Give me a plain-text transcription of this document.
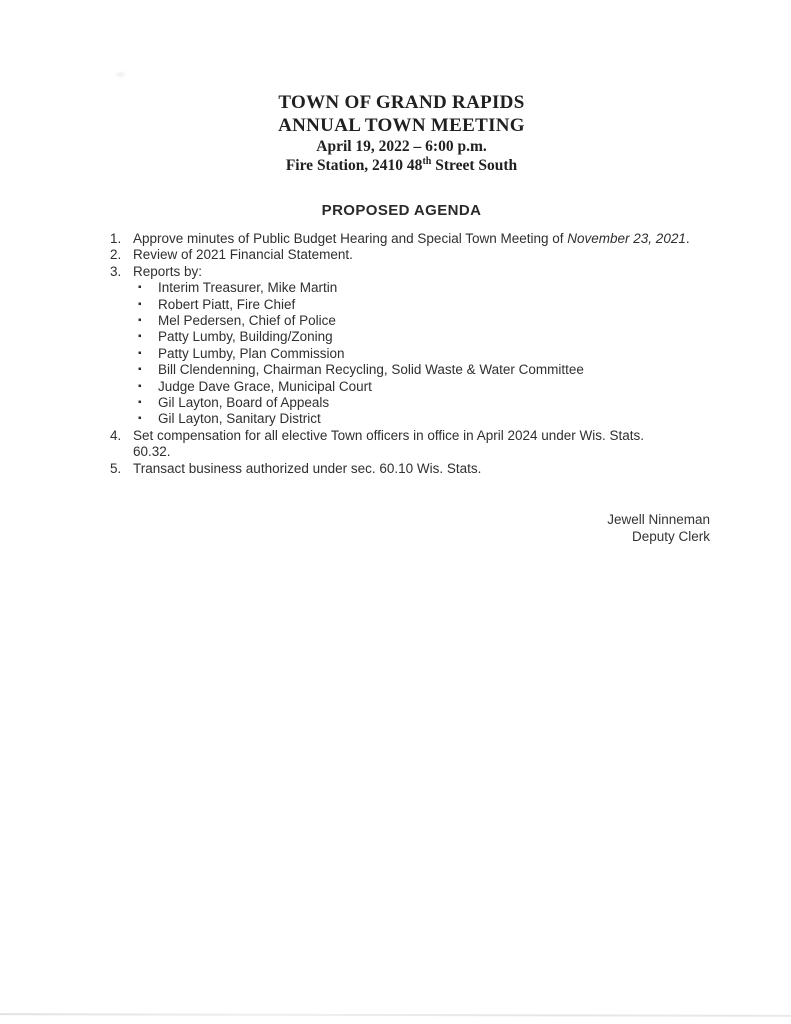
TOWN OF GRAND RAPIDS
ANNUAL TOWN MEETING
April 19, 2022 – 6:00 p.m.
Fire Station, 2410 48th Street South
PROPOSED AGENDA
1. Approve minutes of Public Budget Hearing and Special Town Meeting of November 23, 2021.
2. Review of 2021 Financial Statement.
3. Reports by:
▪	Interim Treasurer, Mike Martin
▪	Robert Piatt, Fire Chief
▪	Mel Pedersen, Chief of Police
▪	Patty Lumby, Building/Zoning
▪	Patty Lumby, Plan Commission
▪	Bill Clendenning, Chairman Recycling, Solid Waste & Water Committee
▪	Judge Dave Grace, Municipal Court
▪	Gil Layton, Board of Appeals
▪	Gil Layton, Sanitary District
4. Set compensation for all elective Town officers in office in April 2024 under Wis. Stats.
60.32.
5. Transact business authorized under sec. 60.10 Wis. Stats.
Jewell Ninneman
Deputy Clerk
